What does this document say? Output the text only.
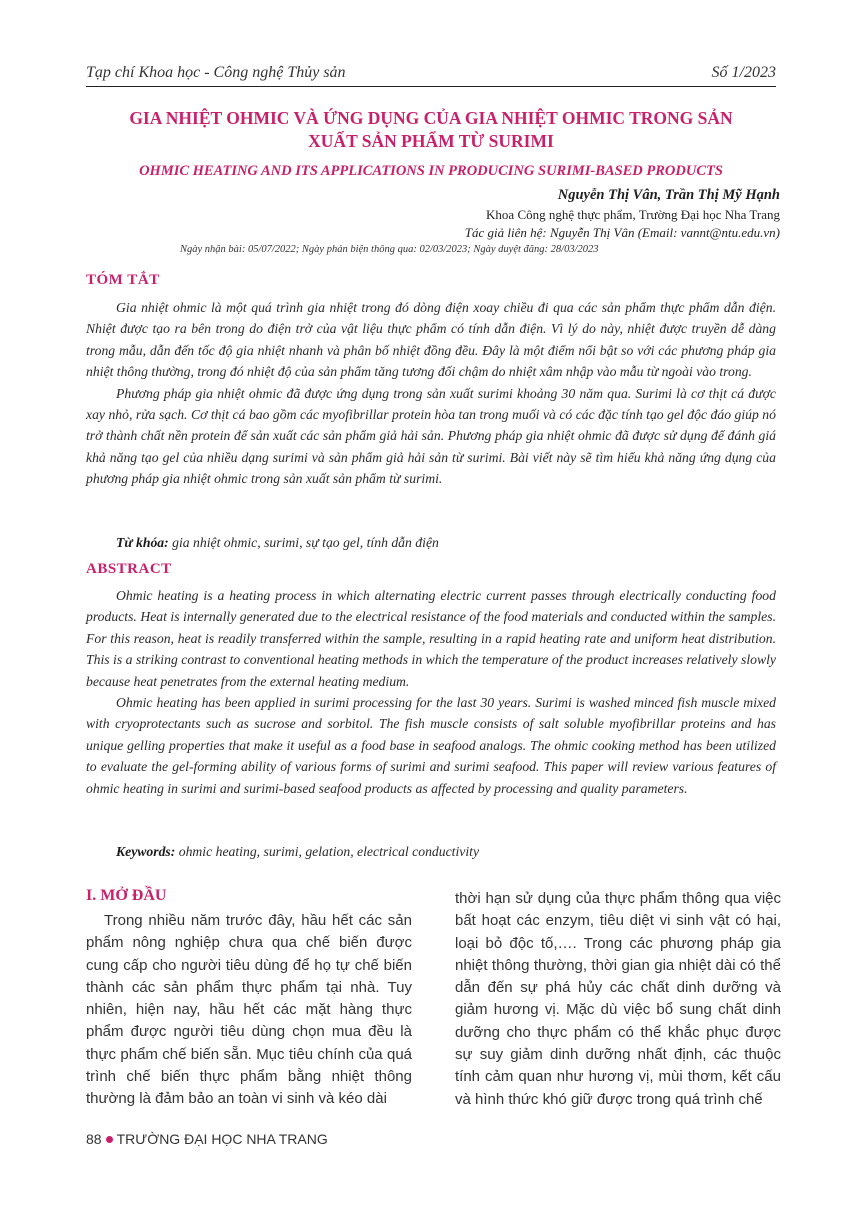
Tạp chí Khoa học - Công nghệ Thủy sản	Số 1/2023
GIA NHIỆT OHMIC VÀ ỨNG DỤNG CỦA GIA NHIỆT OHMIC TRONG SẢN
XUẤT SẢN PHẨM TỪ SURIMI
OHMIC HEATING AND ITS APPLICATIONS IN PRODUCING SURIMI-BASED PRODUCTS
Nguyễn Thị Vân, Trần Thị Mỹ Hạnh
Khoa Công nghệ thực phẩm, Trường Đại học Nha Trang
Tác giả liên hệ: Nguyễn Thị Vân (Email: vannt@ntu.edu.vn)
Ngày nhận bài: 05/07/2022; Ngày phản biện thông qua: 02/03/2023; Ngày duyệt đăng: 28/03/2023
TÓM TẮT

Gia nhiệt ohmic là một quá trình gia nhiệt trong đó dòng điện xoay chiều đi qua các sản phẩm thực phẩm dẫn điện. Nhiệt được tạo ra bên trong do điện trở của vật liệu thực phẩm có tính dẫn điện. Vì lý do này, nhiệt được truyền dễ dàng trong mẫu, dẫn đến tốc độ gia nhiệt nhanh và phân bố nhiệt đồng đều. Đây là một điểm nổi bật so với các phương pháp gia nhiệt thông thường, trong đó nhiệt độ của sản phẩm tăng tương đối chậm do nhiệt xâm nhập vào mẫu từ ngoài vào trong.

Phương pháp gia nhiệt ohmic đã được ứng dụng trong sản xuất surimi khoảng 30 năm qua. Surimi là cơ thịt cá được xay nhỏ, rửa sạch. Cơ thịt cá bao gồm các myofibrillar protein hòa tan trong muối và có các đặc tính tạo gel độc đáo giúp nó trở thành chất nền protein để sản xuất các sản phẩm giả hải sản. Phương pháp gia nhiệt ohmic đã được sử dụng để đánh giá khả năng tạo gel của nhiều dạng surimi và sản phẩm giả hải sản từ surimi. Bài viết này sẽ tìm hiểu khả năng ứng dụng của phương pháp gia nhiệt ohmic trong sản xuất sản phẩm từ surimi.

Từ khóa: gia nhiệt ohmic, surimi, sự tạo gel, tính dẫn điện
ABSTRACT

Ohmic heating is a heating process in which alternating electric current passes through electrically conducting food products. Heat is internally generated due to the electrical resistance of the food materials and conducted within the samples. For this reason, heat is readily transferred within the sample, resulting in a rapid heating rate and uniform heat distribution. This is a striking contrast to conventional heating methods in which the temperature of the product increases relatively slowly because heat penetrates from the external heating medium.

Ohmic heating has been applied in surimi processing for the last 30 years. Surimi is washed minced fish muscle mixed with cryoprotectants such as sucrose and sorbitol. The fish muscle consists of salt soluble myofibrillar proteins and has unique gelling properties that make it useful as a food base in seafood analogs. The ohmic cooking method has been utilized to evaluate the gel-forming ability of various forms of surimi and surimi seafood. This paper will review various features of ohmic heating in surimi and surimi-based seafood products as affected by processing and quality parameters.

Keywords: ohmic heating, surimi, gelation, electrical conductivity
I. MỞ ĐẦU

Trong nhiều năm trước đây, hầu hết các sản phẩm nông nghiệp chưa qua chế biến được cung cấp cho người tiêu dùng để họ tự chế biến thành các sản phẩm thực phẩm tại nhà. Tuy nhiên, hiện nay, hầu hết các mặt hàng thực phẩm được người tiêu dùng chọn mua đều là thực phẩm chế biến sẵn. Mục tiêu chính của quá trình chế biến thực phẩm bằng nhiệt thông thường là đảm bảo an toàn vi sinh và kéo dài

thời hạn sử dụng của thực phẩm thông qua việc bất hoạt các enzym, tiêu diệt vi sinh vật có hại, loại bỏ độc tố,…. Trong các phương pháp gia nhiệt thông thường, thời gian gia nhiệt dài có thể dẫn đến sự phá hủy các chất dinh dưỡng và giảm hương vị. Mặc dù việc bổ sung chất dinh dưỡng cho thực phẩm có thể khắc phục được sự suy giảm dinh dưỡng nhất định, các thuộc tính cảm quan như hương vị, mùi thơm, kết cấu và hình thức khó giữ được trong quá trình chế

88 TRƯỜNG ĐẠI HỌC NHA TRANG
